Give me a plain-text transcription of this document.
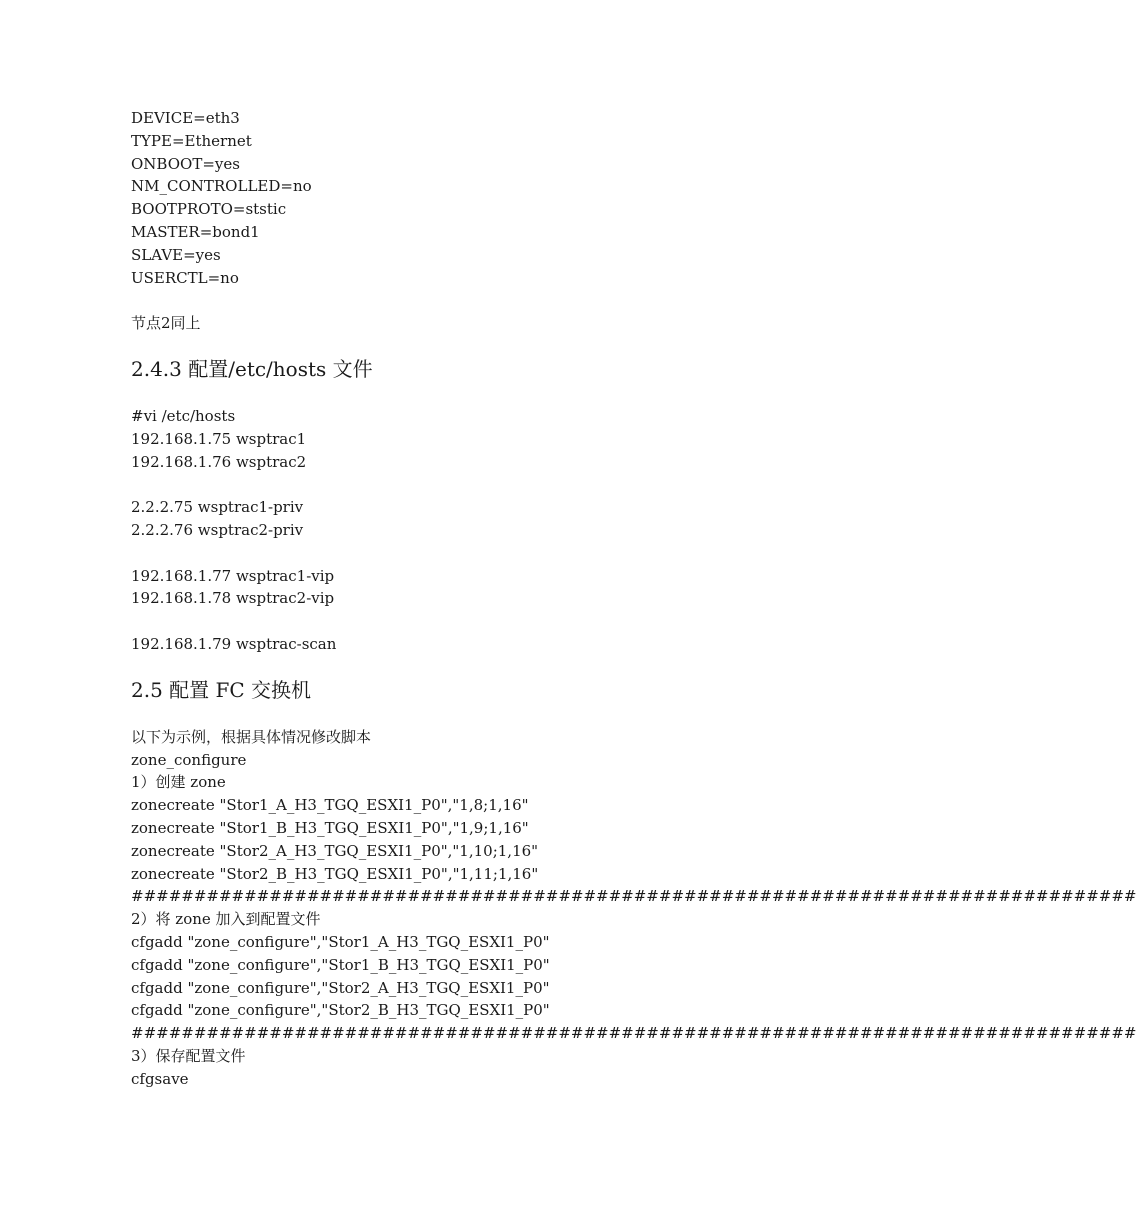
DEVICE=eth3
TYPE=Ethernet
ONBOOT=yes
NM_CONTROLLED=no
BOOTPROTO=ststic
MASTER=bond1
SLAVE=yes
USERCTL=no
节点2同上
2.4.3 配置/etc/hosts 文件
#vi /etc/hosts
192.168.1.75 wsptrac1
192.168.1.76 wsptrac2
2.2.2.75 wsptrac1-priv
2.2.2.76 wsptrac2-priv
192.168.1.77 wsptrac1-vip
192.168.1.78 wsptrac2-vip
192.168.1.79 wsptrac-scan
2.5 配置 FC 交换机
以下为示例，根据具体情况修改脚本
zone_configure
1）创建 zone
zonecreate "Stor1_A_H3_TGQ_ESXI1_P0","1,8;1,16"
zonecreate "Stor1_B_H3_TGQ_ESXI1_P0","1,9;1,16"
zonecreate "Stor2_A_H3_TGQ_ESXI1_P0","1,10;1,16"
zonecreate "Stor2_B_H3_TGQ_ESXI1_P0","1,11;1,16"
################################################################################
2）将 zone 加入到配置文件
cfgadd "zone_configure","Stor1_A_H3_TGQ_ESXI1_P0"
cfgadd "zone_configure","Stor1_B_H3_TGQ_ESXI1_P0"
cfgadd "zone_configure","Stor2_A_H3_TGQ_ESXI1_P0"
cfgadd "zone_configure","Stor2_B_H3_TGQ_ESXI1_P0"
################################################################################
3）保存配置文件
cfgsave
